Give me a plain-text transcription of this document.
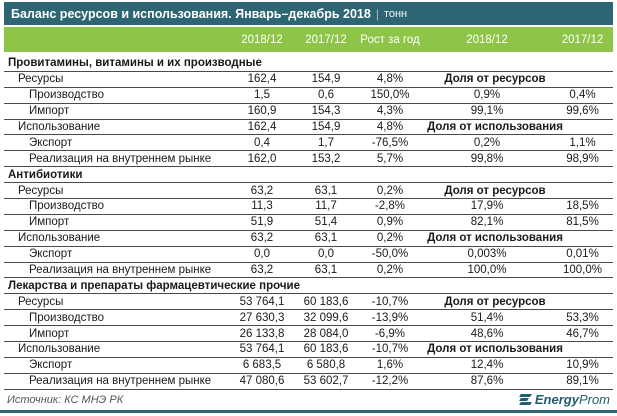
Баланс ресурсов и использования. Январь–декабрь 2018 | тонн
2018/12	2017/12	Рост за год	2018/12	2017/12
Провитамины, витамины и их производные
Ресурсы	162,4	154,9	4,8%	Доля от ресурсов
Производство	1,5	0,6	150,0%	0,9%	0,4%
Импорт	160,9	154,3	4,3%	99,1%	99,6%
Использование	162,4	154,9	4,8%	Доля от использования
Экспорт	0,4	1,7	-76,5%	0,2%	1,1%
Реализация на внутреннем рынке	162,0	153,2	5,7%	99,8%	98,9%
Антибиотики
Ресурсы	63,2	63,1	0,2%	Доля от ресурсов
Производство	11,3	11,7	-2,8%	17,9%	18,5%
Импорт	51,9	51,4	0,9%	82,1%	81,5%
Использование	63,2	63,1	0,2%	Доля от использования
Экспорт	0,0	0,0	-50,0%	0,003%	0,01%
Реализация на внутреннем рынке	63,2	63,1	0,2%	100,0%	100,0%
Лекарства и препараты фармацевтические прочие
Ресурсы	53 764,1	60 183,6	-10,7%	Доля от ресурсов
Производство	27 630,3	32 099,6	-13,9%	51,4%	53,3%
Импорт	26 133,8	28 084,0	-6,9%	48,6%	46,7%
Использование	53 764,1	60 183,6	-10,7%	Доля от использования
Экспорт	6 683,5	6 580,8	1,6%	12,4%	10,9%
Реализация на внутреннем рынке	47 080,6	53 602,7	-12,2%	87,6%	89,1%
Источник: КС МНЭ РК	Energy Prom
